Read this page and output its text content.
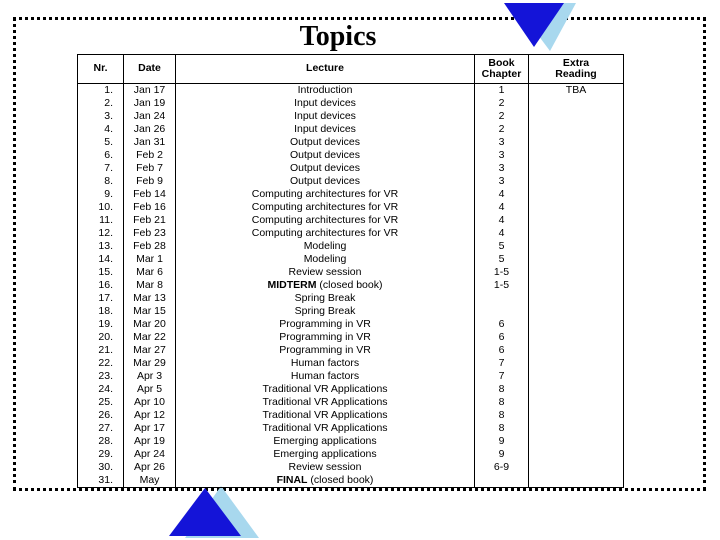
Topics
Nr.	Date	Lecture	Book Chapter	Extra Reading
1.	Jan 17	Introduction	1	TBA
2.	Jan 19	Input devices	2	
3.	Jan 24	Input devices	2	
4.	Jan 26	Input devices	2	
5.	Jan 31	Output devices	3	
6.	Feb 2	Output devices	3	
7.	Feb 7	Output devices	3	
8.	Feb 9	Output devices	3	
9.	Feb 14	Computing architectures for VR	4	
10.	Feb 16	Computing architectures for VR	4	
11.	Feb 21	Computing architectures for VR	4	
12.	Feb 23	Computing architectures for VR	4	
13.	Feb 28	Modeling	5	
14.	Mar 1	Modeling	5	
15.	Mar 6	Review session	1-5	
16.	Mar 8	MIDTERM (closed book)	1-5	
17.	Mar 13	Spring Break		
18.	Mar 15	Spring Break		
19.	Mar 20	Programming in VR	6	
20.	Mar 22	Programming in VR	6	
21.	Mar 27	Programming in VR	6	
22.	Mar 29	Human factors	7	
23.	Apr 3	Human factors	7	
24.	Apr 5	Traditional VR Applications	8	
25.	Apr 10	Traditional VR Applications	8	
26.	Apr 12	Traditional VR Applications	8	
27.	Apr 17	Traditional VR Applications	8	
28.	Apr 19	Emerging applications	9	
29.	Apr 24	Emerging applications	9	
30.	Apr 26	Review session	6-9	
31.	May	FINAL (closed book)		
